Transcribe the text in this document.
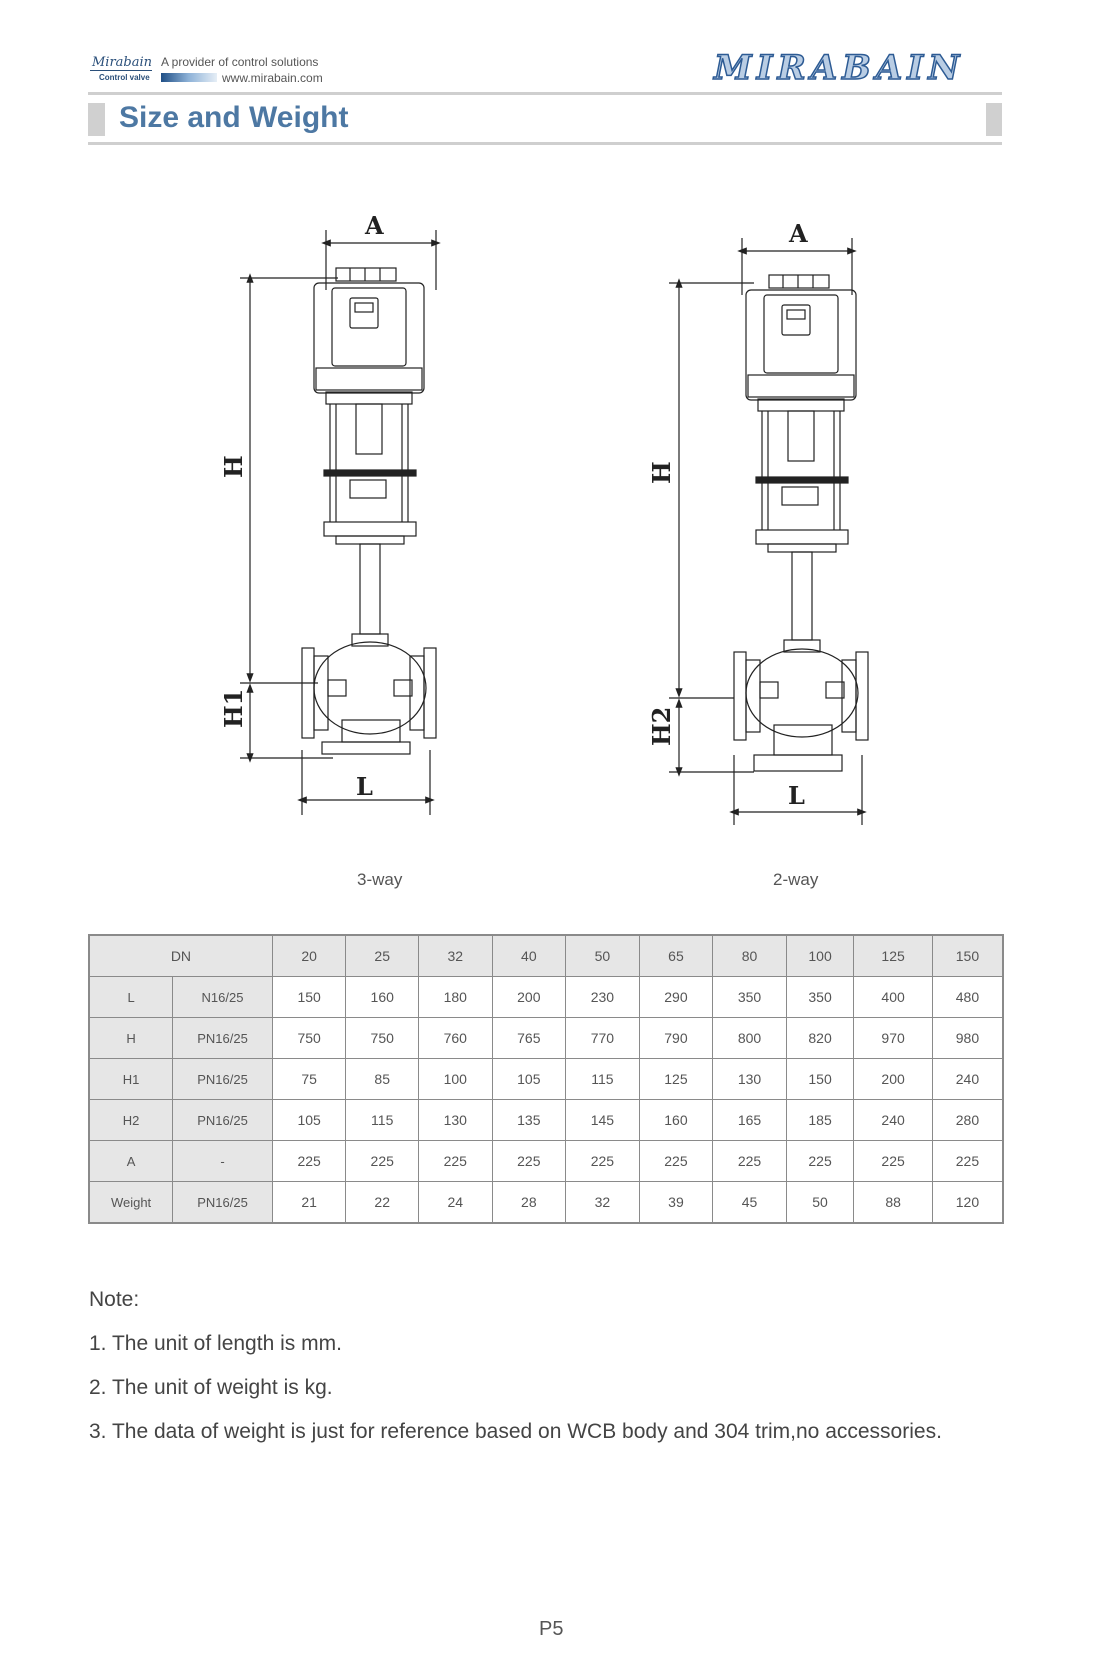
Mirabain
Control valve
A provider of control solutions
www.mirabain.com	MIRABAIN
Size and Weight
A
H
H1
L
3-way
A
H
H2
L
2-way
DN		20	25	32	40	50	65	80	100	125	150
L	N16/25	150	160	180	200	230	290	350	350	400	480
H	PN16/25	750	750	760	765	770	790	800	820	970	980
H1	PN16/25	75	85	100	105	115	125	130	150	200	240
H2	PN16/25	105	115	130	135	145	160	165	185	240	280
A	-	225	225	225	225	225	225	225	225	225	225
Weight	PN16/25	21	22	24	28	32	39	45	50	88	120
Note:
1. The unit of length is mm.
2. The unit of weight is kg.
3. The data of weight is just for reference based on WCB body and 304 trim,no accessories.
P5
